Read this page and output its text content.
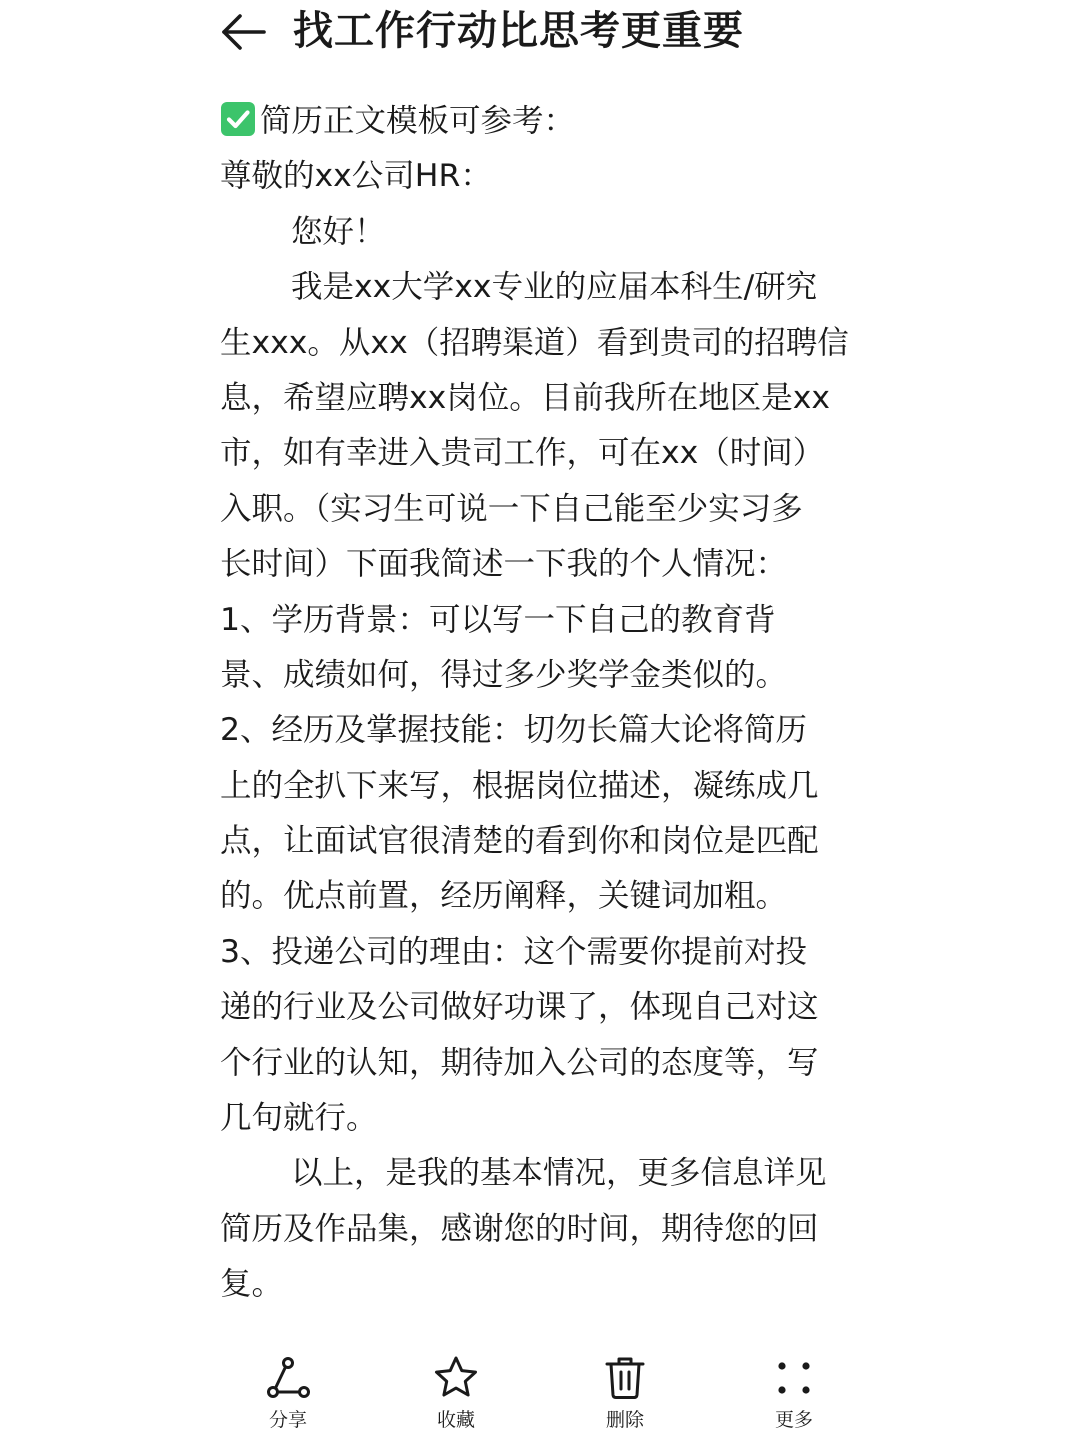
找工作行动比思考更重要
简历正文模板可参考：
尊敬的xx公司HR：
您好！
我是xx大学xx专业的应届本科生/研究
生xxx。从xx（招聘渠道）看到贵司的招聘信
息，希望应聘xx岗位。目前我所在地区是xx
市，如有幸进入贵司工作，可在xx（时间）
入职。（实习生可说一下自己能至少实习多
长时间）下面我简述一下我的个人情况：
1、学历背景：可以写一下自己的教育背
景、成绩如何，得过多少奖学金类似的。
2、经历及掌握技能：切勿长篇大论将简历
上的全扒下来写，根据岗位描述，凝练成几
点，让面试官很清楚的看到你和岗位是匹配
的。优点前置，经历阐释，关键词加粗。
3、投递公司的理由：这个需要你提前对投
递的行业及公司做好功课了，体现自己对这
个行业的认知，期待加入公司的态度等，写
几句就行。
以上，是我的基本情况，更多信息详见
简历及作品集，感谢您的时间，期待您的回
复。
分享	收藏	删除	更多
